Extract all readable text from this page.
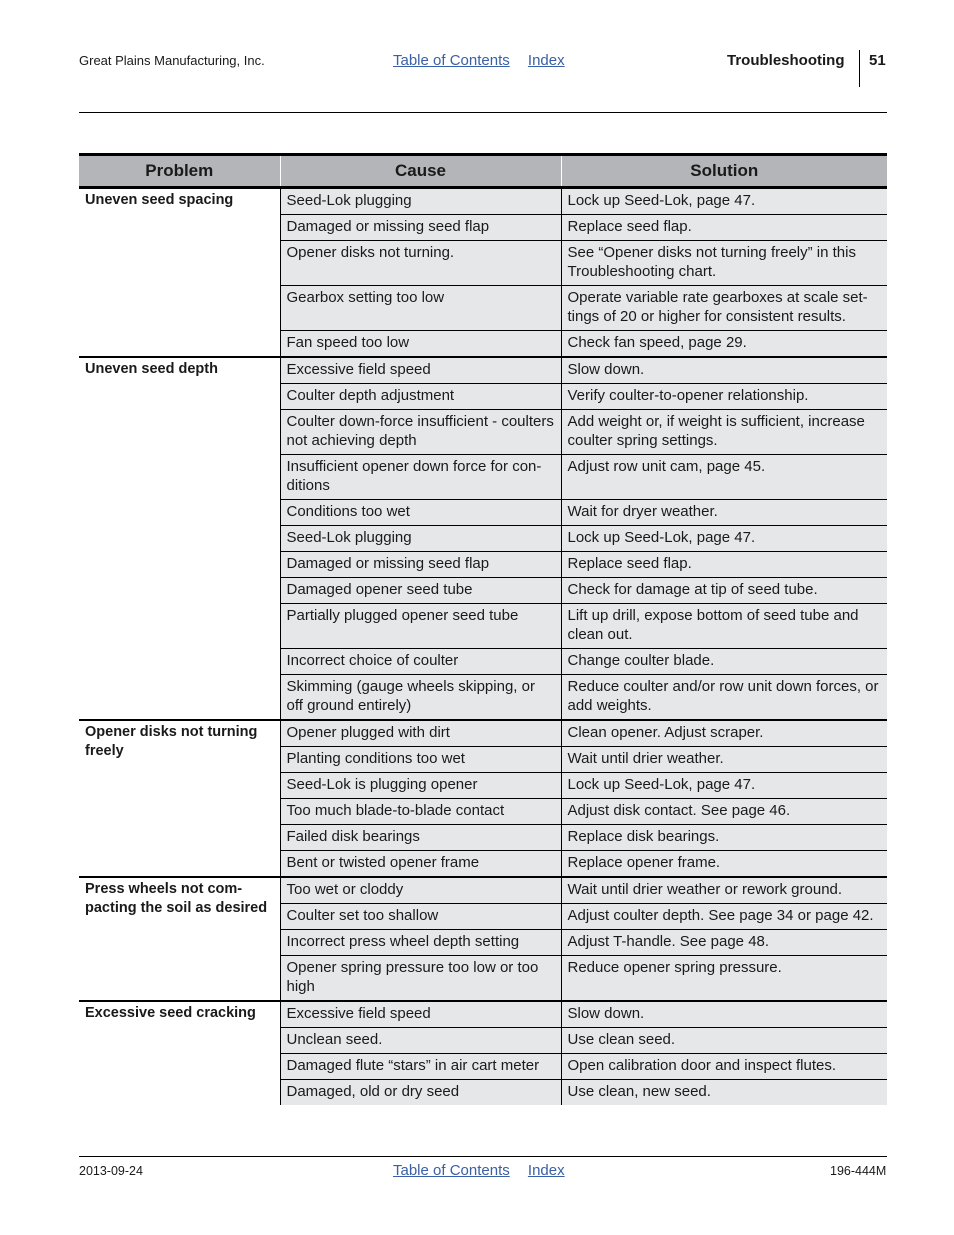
Great Plains Manufacturing, Inc.	Table of Contents Index	Troubleshooting 51
Problem	Cause	Solution
Uneven seed spacing	Seed-Lok plugging	Lock up Seed-Lok, page 47.
	Damaged or missing seed flap	Replace seed flap.
	Opener disks not turning.	See “Opener disks not turning freely” in this Troubleshooting chart.
	Gearbox setting too low	Operate variable rate gearboxes at scale set-tings of 20 or higher for consistent results.
	Fan speed too low	Check fan speed, page 29.
Uneven seed depth	Excessive field speed	Slow down.
	Coulter depth adjustment	Verify coulter-to-opener relationship.
	Coulter down-force insufficient - coulters not achieving depth	Add weight or, if weight is sufficient, increase coulter spring settings.
	Insufficient opener down force for con-ditions	Adjust row unit cam, page 45.
	Conditions too wet	Wait for dryer weather.
	Seed-Lok plugging	Lock up Seed-Lok, page 47.
	Damaged or missing seed flap	Replace seed flap.
	Damaged opener seed tube	Check for damage at tip of seed tube.
	Partially plugged opener seed tube	Lift up drill, expose bottom of seed tube and clean out.
	Incorrect choice of coulter	Change coulter blade.
	Skimming (gauge wheels skipping, or off ground entirely)	Reduce coulter and/or row unit down forces, or add weights.
Opener disks not turning freely	Opener plugged with dirt	Clean opener. Adjust scraper.
	Planting conditions too wet	Wait until drier weather.
	Seed-Lok is plugging opener	Lock up Seed-Lok, page 47.
	Too much blade-to-blade contact	Adjust disk contact. See page 46.
	Failed disk bearings	Replace disk bearings.
	Bent or twisted opener frame	Replace opener frame.
Press wheels not com-pacting the soil as desired	Too wet or cloddy	Wait until drier weather or rework ground.
	Coulter set too shallow	Adjust coulter depth. See page 34 or page 42.
	Incorrect press wheel depth setting	Adjust T-handle. See page 48.
	Opener spring pressure too low or too high	Reduce opener spring pressure.
Excessive seed cracking	Excessive field speed	Slow down.
	Unclean seed.	Use clean seed.
	Damaged flute “stars” in air cart meter	Open calibration door and inspect flutes.
	Damaged, old or dry seed	Use clean, new seed.
2013-09-24	Table of Contents Index	196-444M
